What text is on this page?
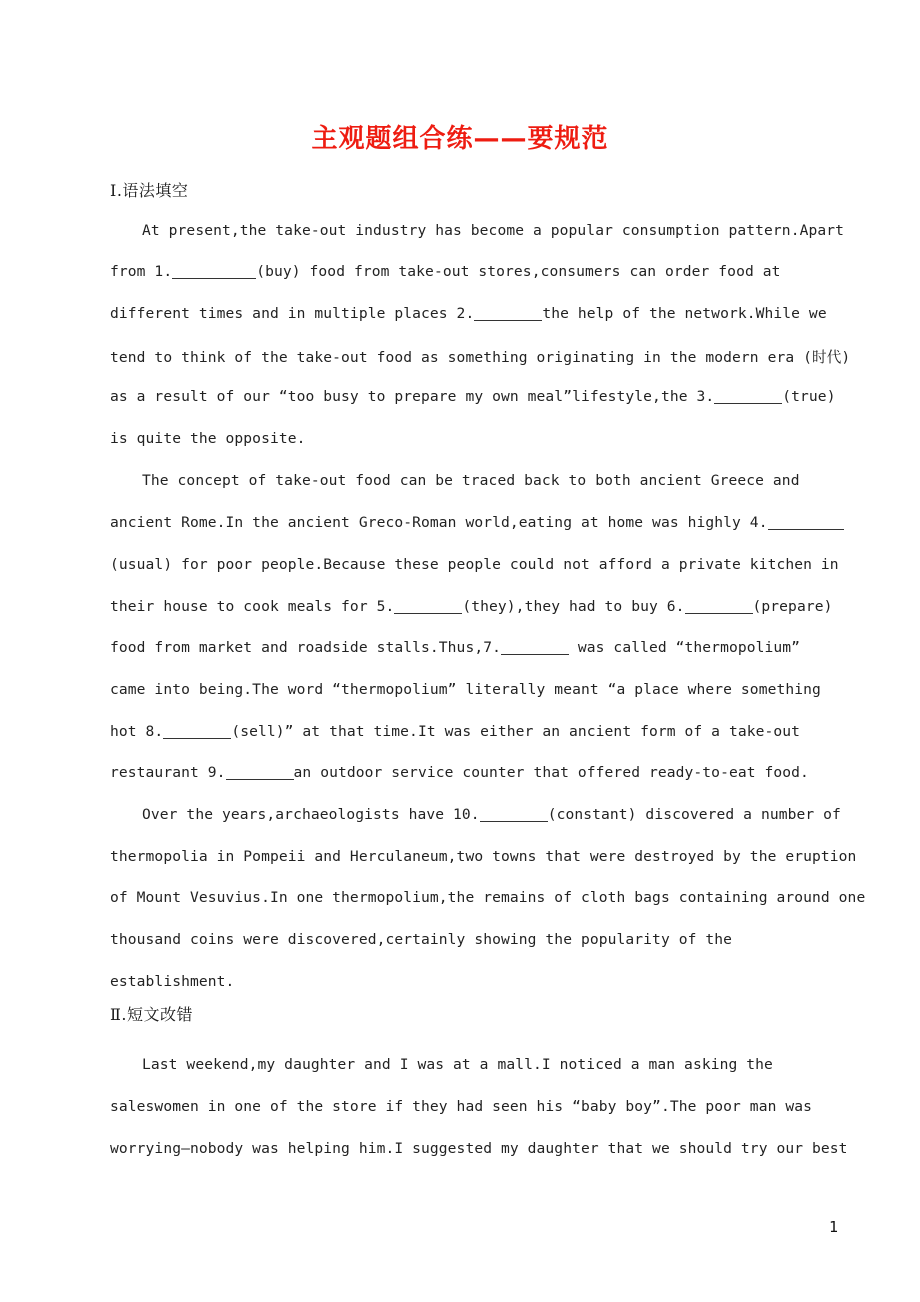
主观题组合练——要规范
Ⅰ.语法填空
Ⅱ.短文改错
At present,the take-out industry has become a popular consumption pattern.Apart
from 1.	(buy) food from take-out stores,consumers can order food at
different times and in multiple places 2.	the help of the network.While we
tend to think of the take-out food as something originating in the modern era (时代)
as a result of our “too busy to prepare my own meal”lifestyle,the 3.	(true)
is quite the opposite.
The concept of take-out food can be traced back to both ancient Greece and
ancient Rome.In the ancient Greco-Roman world,eating at home was highly 4.
(usual) for poor people.Because these people could not afford a private kitchen in
their house to cook meals for 5.	(they),they had to buy 6.	(prepare)
food from market and roadside stalls.Thus,7.	was called “thermopolium”
came into being.The word “thermopolium” literally meant “a place where something
hot 8.	(sell)” at that time.It was either an ancient form of a take-out
restaurant 9.	an outdoor service counter that offered ready-to-eat food.
Over the years,archaeologists have 10.	(constant) discovered a number of
thermopolia in Pompeii and Herculaneum,two towns that were destroyed by the eruption
of Mount Vesuvius.In one thermopolium,the remains of cloth bags containing around one
thousand coins were discovered,certainly showing the popularity of the
establishment.
Last weekend,my daughter and I was at a mall.I noticed a man asking the
saleswomen in one of the store if they had seen his “baby boy”.The poor man was
worrying—nobody was helping him.I suggested my daughter that we should try our best
1
